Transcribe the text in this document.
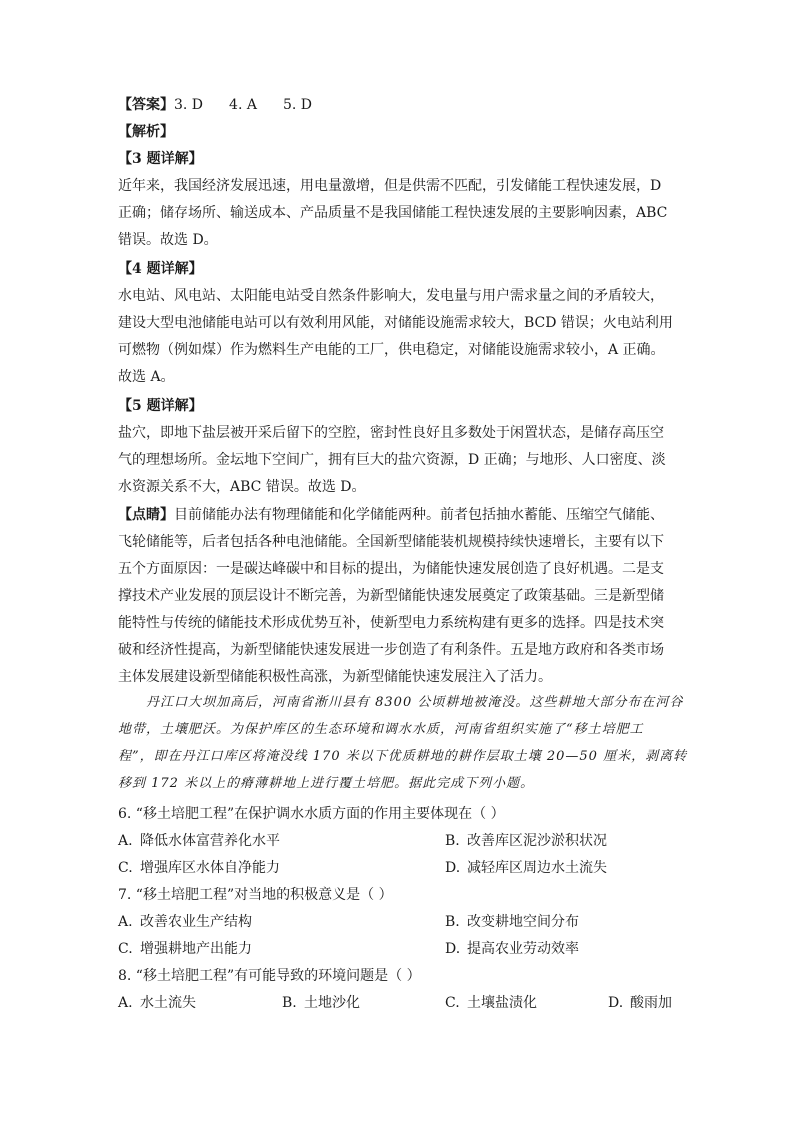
【答案】3. D 4. A 5. D
【解析】
【3 题详解】
近年来，我国经济发展迅速，用电量激增，但是供需不匹配，引发储能工程快速发展，D
正确；储存场所、输送成本、产品质量不是我国储能工程快速发展的主要影响因素，ABC
错误。故选 D。
【4 题详解】
水电站、风电站、太阳能电站受自然条件影响大，发电量与用户需求量之间的矛盾较大，
建设大型电池储能电站可以有效利用风能，对储能设施需求较大，BCD 错误；火电站利用
可燃物（例如煤）作为燃料生产电能的工厂，供电稳定，对储能设施需求较小，A 正确。
故选 A。
【5 题详解】
盐穴，即地下盐层被开采后留下的空腔，密封性良好且多数处于闲置状态，是储存高压空
气的理想场所。金坛地下空间广，拥有巨大的盐穴资源，D 正确；与地形、人口密度、淡
水资源关系不大，ABC 错误。故选 D。
【点睛】目前储能办法有物理储能和化学储能两种。前者包括抽水蓄能、压缩空气储能、
飞轮储能等，后者包括各种电池储能。全国新型储能装机规模持续快速增长，主要有以下
五个方面原因：一是碳达峰碳中和目标的提出，为储能快速发展创造了良好机遇。二是支
撑技术产业发展的顶层设计不断完善，为新型储能快速发展奠定了政策基础。三是新型储
能特性与传统的储能技术形成优势互补，使新型电力系统构建有更多的选择。四是技术突
破和经济性提高，为新型储能快速发展进一步创造了有利条件。五是地方政府和各类市场
主体发展建设新型储能积极性高涨，为新型储能快速发展注入了活力。
丹江口大坝加高后，河南省淅川县有 8300 公顷耕地被淹没。这些耕地大部分布在河谷
地带，土壤肥沃。为保护库区的生态环境和调水水质，河南省组织实施了“移土培肥工
程”，即在丹江口库区将淹没线 170 米以下优质耕地的耕作层取土壤 20—50 厘米，剥离转
移到 172 米以上的瘠薄耕地上进行覆土培肥。据此完成下列小题。
6. “移土培肥工程”在保护调水水质方面的作用主要体现在（ ）
A. 降低水体富营养化水平	B. 改善库区泥沙淤积状况
C. 增强库区水体自净能力	D. 减轻库区周边水土流失
7. “移土培肥工程”对当地的积极意义是（ ）
A. 改善农业生产结构	B. 改变耕地空间分布
C. 增强耕地产出能力	D. 提高农业劳动效率
8. “移土培肥工程”有可能导致的环境问题是（ ）
A. 水土流失	B. 土地沙化	C. 土壤盐渍化	D. 酸雨加
